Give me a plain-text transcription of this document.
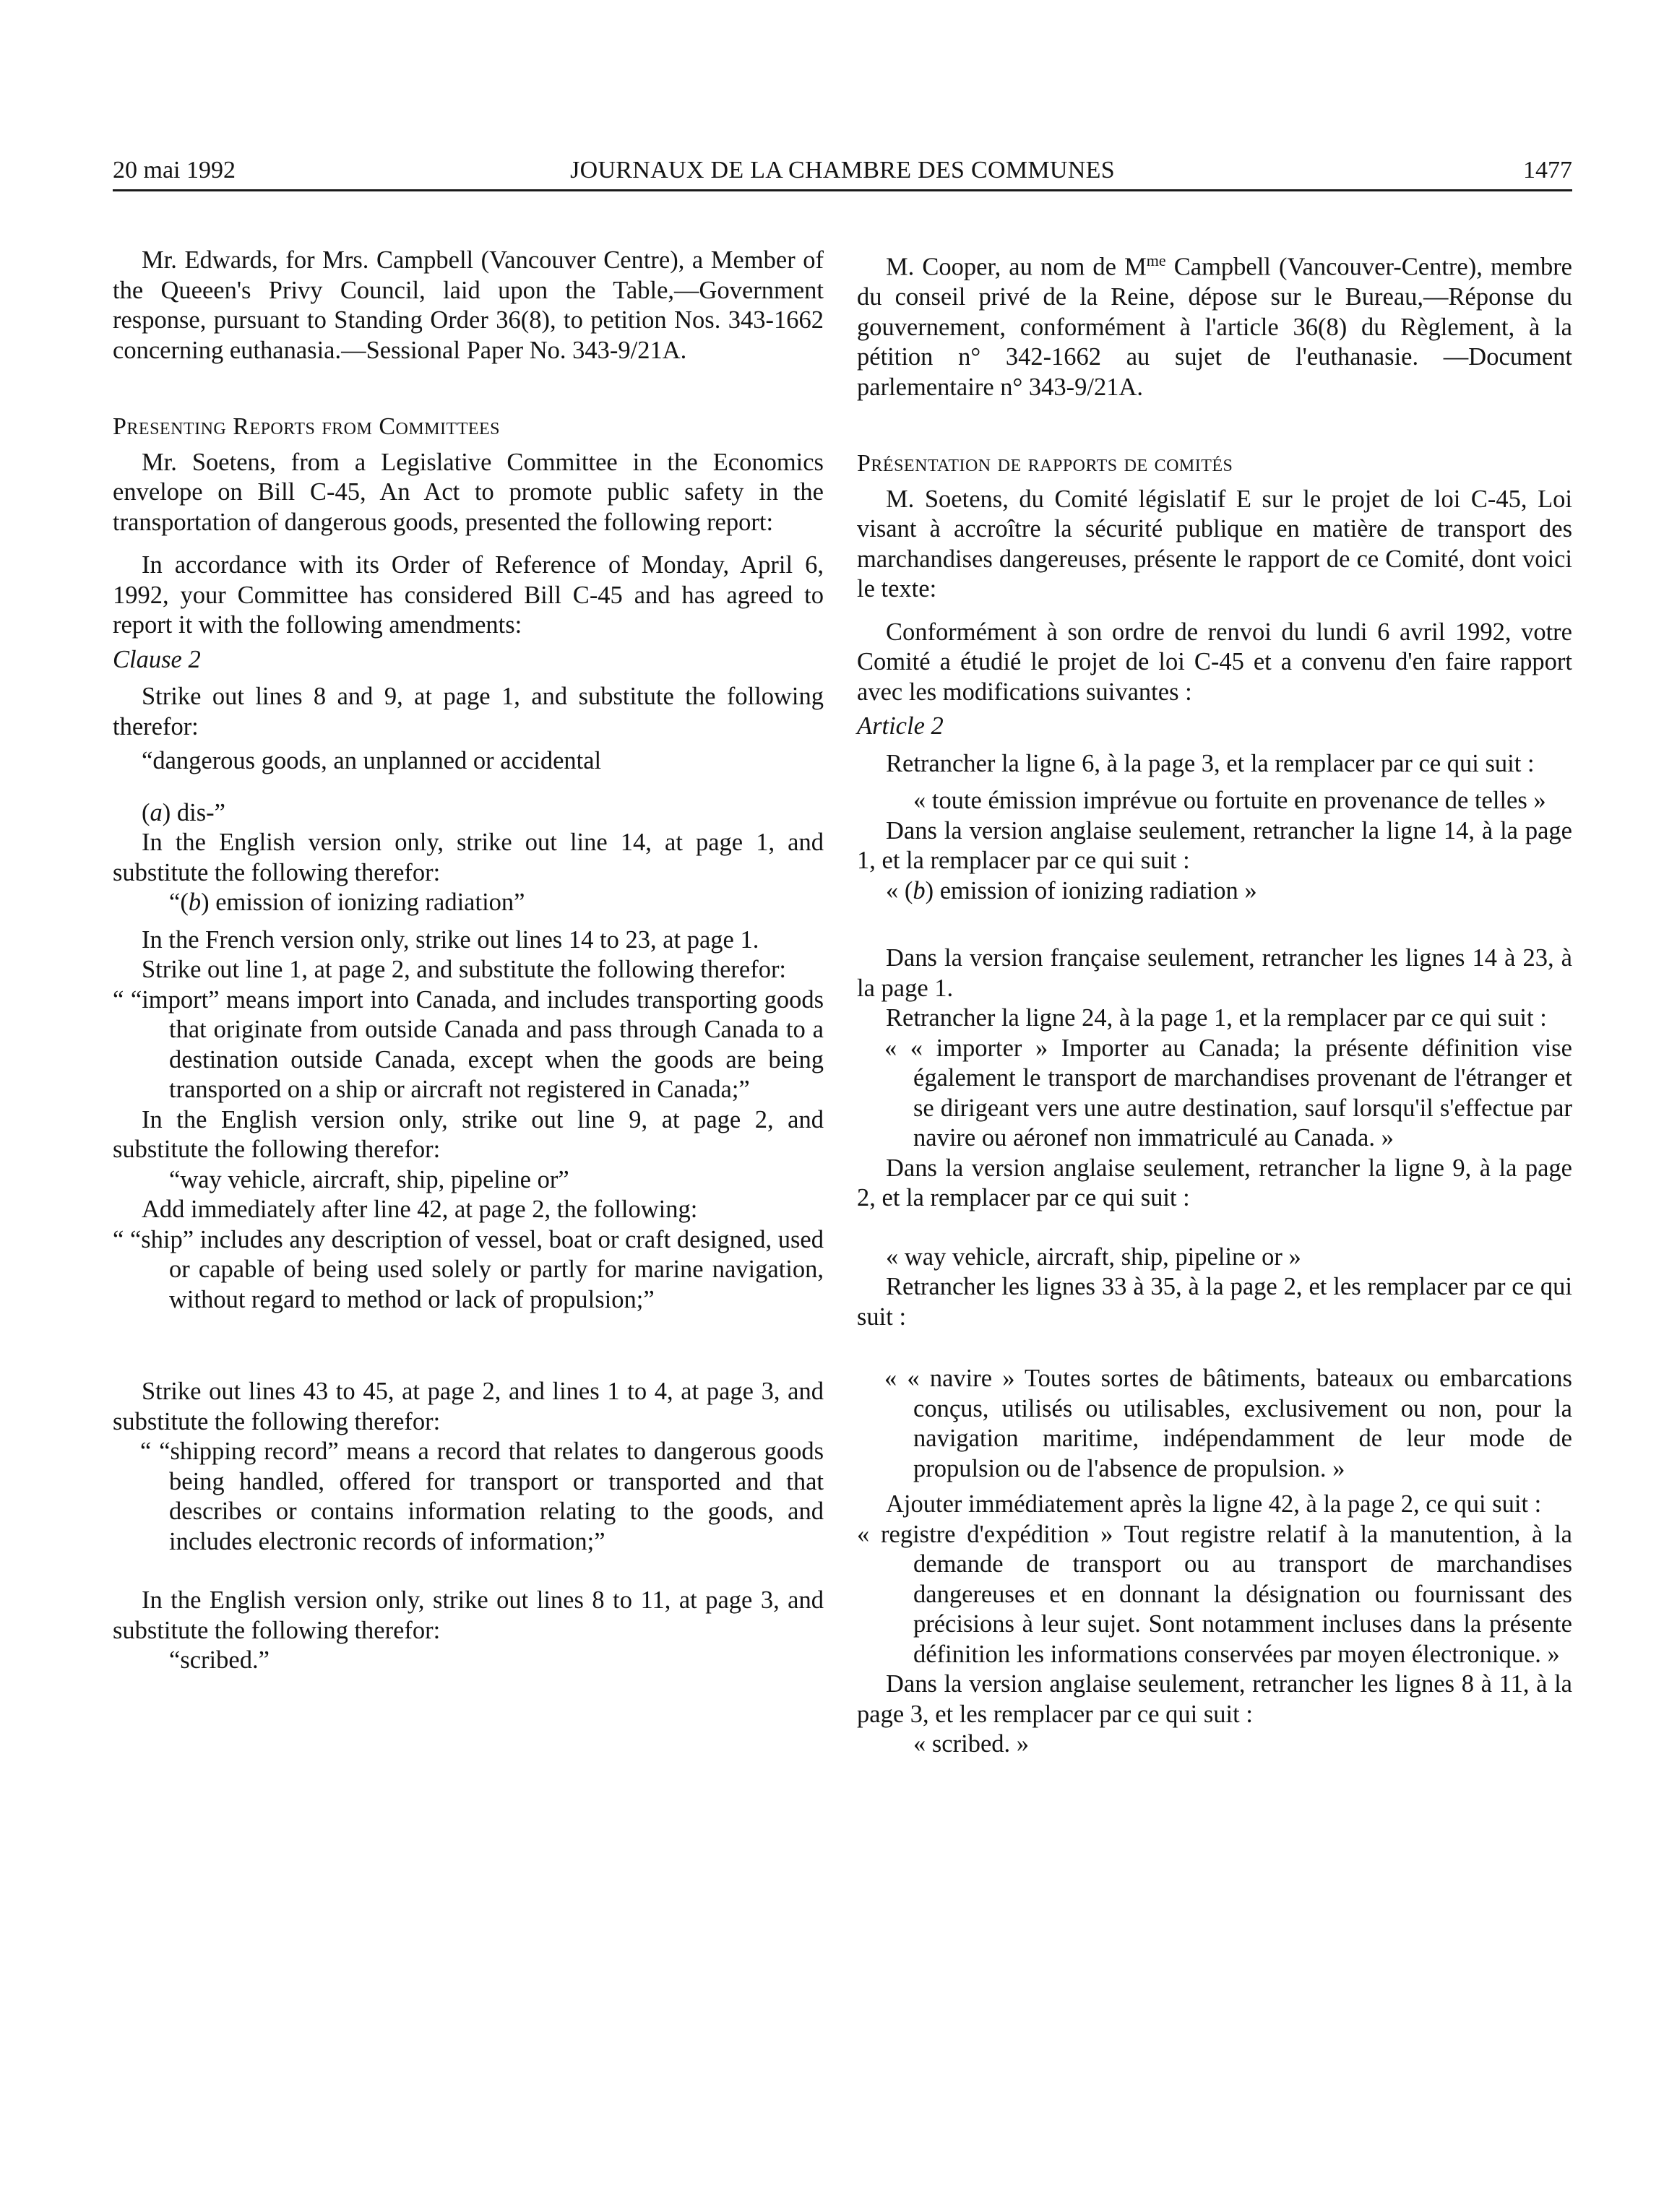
20 mai 1992	JOURNAUX DE LA CHAMBRE DES COMMUNES	1477

Mr. Edwards, for Mrs. Campbell (Vancouver Centre), a Member of the Queeen's Privy Council, laid upon the Table,—Government response, pursuant to Standing Order 36(8), to petition Nos. 343-1662 concerning euthanasia.—Sessional Paper No. 343-9/21A.

Presenting Reports from Committees

Mr. Soetens, from a Legislative Committee in the Economics envelope on Bill C-45, An Act to promote public safety in the transportation of dangerous goods, presented the following report:

In accordance with its Order of Reference of Monday, April 6, 1992, your Committee has considered Bill C-45 and has agreed to report it with the following amendments:

Clause 2

Strike out lines 8 and 9, at page 1, and substitute the following therefor:

“dangerous goods, an unplanned or accidental

(a) dis-”

In the English version only, strike out line 14, at page 1, and substitute the following therefor:

“(b) emission of ionizing radiation”

In the French version only, strike out lines 14 to 23, at page 1.

Strike out line 1, at page 2, and substitute the following therefor:

“ “import” means import into Canada, and includes transporting goods that originate from outside Canada and pass through Canada to a destination outside Canada, except when the goods are being transported on a ship or aircraft not registered in Canada;”

In the English version only, strike out line 9, at page 2, and substitute the following therefor:

“way vehicle, aircraft, ship, pipeline or”

Add immediately after line 42, at page 2, the following:

“ “ship” includes any description of vessel, boat or craft designed, used or capable of being used solely or partly for marine navigation, without regard to method or lack of propulsion;”

Strike out lines 43 to 45, at page 2, and lines 1 to 4, at page 3, and substitute the following therefor:

“ “shipping record” means a record that relates to dangerous goods being handled, offered for transport or transported and that describes or contains information relating to the goods, and includes electronic records of information;”

In the English version only, strike out lines 8 to 11, at page 3, and substitute the following therefor:

“scribed.”

M. Cooper, au nom de $M^{me}$ Campbell (Vancouver-Centre), membre du conseil privé de la Reine, dépose sur le Bureau,—Réponse du gouvernement, conformément à l'article 36(8) du Règlement, à la pétition n° 342-1662 au sujet de l'euthanasie. —Document parlementaire n° 343-9/21A.

Présentation de rapports de comités

M. Soetens, du Comité législatif E sur le projet de loi C-45, Loi visant à accroître la sécurité publique en matière de transport des marchandises dangereuses, présente le rapport de ce Comité, dont voici le texte:

Conformément à son ordre de renvoi du lundi 6 avril 1992, votre Comité a étudié le projet de loi C-45 et a convenu d'en faire rapport avec les modifications suivantes :

Article 2

Retrancher la ligne 6, à la page 3, et la remplacer par ce qui suit :

« toute émission imprévue ou fortuite en provenance de telles »

Dans la version anglaise seulement, retrancher la ligne 14, à la page 1, et la remplacer par ce qui suit :

« (b) emission of ionizing radiation »

Dans la version française seulement, retrancher les lignes 14 à 23, à la page 1.

Retrancher la ligne 24, à la page 1, et la remplacer par ce qui suit :

« « importer » Importer au Canada; la présente définition vise également le transport de marchandises provenant de l'étranger et se dirigeant vers une autre destination, sauf lorsqu'il s'effectue par navire ou aéronef non immatriculé au Canada. »

Dans la version anglaise seulement, retrancher la ligne 9, à la page 2, et la remplacer par ce qui suit :

« way vehicle, aircraft, ship, pipeline or »

Retrancher les lignes 33 à 35, à la page 2, et les remplacer par ce qui suit :

« « navire » Toutes sortes de bâtiments, bateaux ou embarcations conçus, utilisés ou utilisables, exclusivement ou non, pour la navigation maritime, indépendamment de leur mode de propulsion ou de l'absence de propulsion. »

Ajouter immédiatement après la ligne 42, à la page 2, ce qui suit :

« registre d'expédition » Tout registre relatif à la manutention, à la demande de transport ou au transport de marchandises dangereuses et en donnant la désignation ou fournissant des précisions à leur sujet. Sont notamment incluses dans la présente définition les informations conservées par moyen électronique. »

Dans la version anglaise seulement, retrancher les lignes 8 à 11, à la page 3, et les remplacer par ce qui suit :

« scribed. »
